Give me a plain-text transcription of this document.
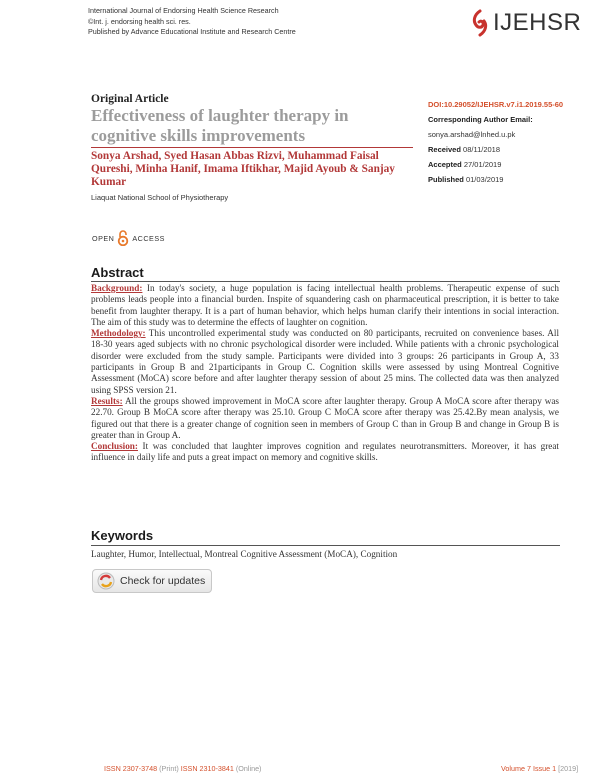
International Journal of Endorsing Health Science Research
©Int. j. endorsing health sci. res.
Published by Advance Educational Institute and Research Centre	IJEHSR
Original Article
Effectiveness of laughter therapy in cognitive skills improvements
Sonya Arshad, Syed Hasan Abbas Rizvi, Muhammad Faisal Qureshi, Minha Hanif, Imama Iftikhar, Majid Ayoub & Sanjay Kumar
Liaquat National School of Physiotherapy
DOI:10.29052/IJEHSR.v7.i1.2019.55-60
Corresponding Author Email:
sonya.arshad@lnhed.u.pk
Received 08/11/2018
Accepted 27/01/2019
Published 01/03/2019
OPEN	ACCESS
Abstract

Background: In today's society, a huge population is facing intellectual health problems. Therapeutic expense of such problems leads people into a financial burden. Inspite of squandering cash on pharmaceutical prescription, it is better to take benefit from laughter therapy. It is a part of human behavior, which helps human clarify their intentions in social interaction. The aim of this study was to determine the effects of laughter on cognition.

Methodology: This uncontrolled experimental study was conducted on 80 participants, recruited on convenience bases. All 18-30 years aged subjects with no chronic psychological disorder were included. While patients with a chronic psychological disorder were excluded from the study sample. Participants were divided into 3 groups: 26 participants in Group A, 33 participants in Group B and 21participants in Group C. Cognition skills were assessed by using Montreal Cognitive Assessment (MoCA) score before and after laughter therapy session of about 25 mins. The collected data was then analyzed using SPSS version 21.

Results: All the groups showed improvement in MoCA score after laughter therapy. Group A MoCA score after therapy was 22.70. Group B MoCA score after therapy was 25.10. Group C MoCA score after therapy was 25.42.By mean analysis, we figured out that there is a greater change of cognition seen in members of Group C than in Group B and change in Group B is greater than in Group A.

Conclusion: It was concluded that laughter improves cognition and regulates neurotransmitters. Moreover, it has great influence in daily life and puts a great impact on memory and cognitive skills.

Keywords
Laughter, Humor, Intellectual, Montreal Cognitive Assessment (MoCA), Cognition
Check for updates
ISSN 2307-3748 (Print) ISSN 2310-3841 (Online)	Volume 7 Issue 1 [2019]
